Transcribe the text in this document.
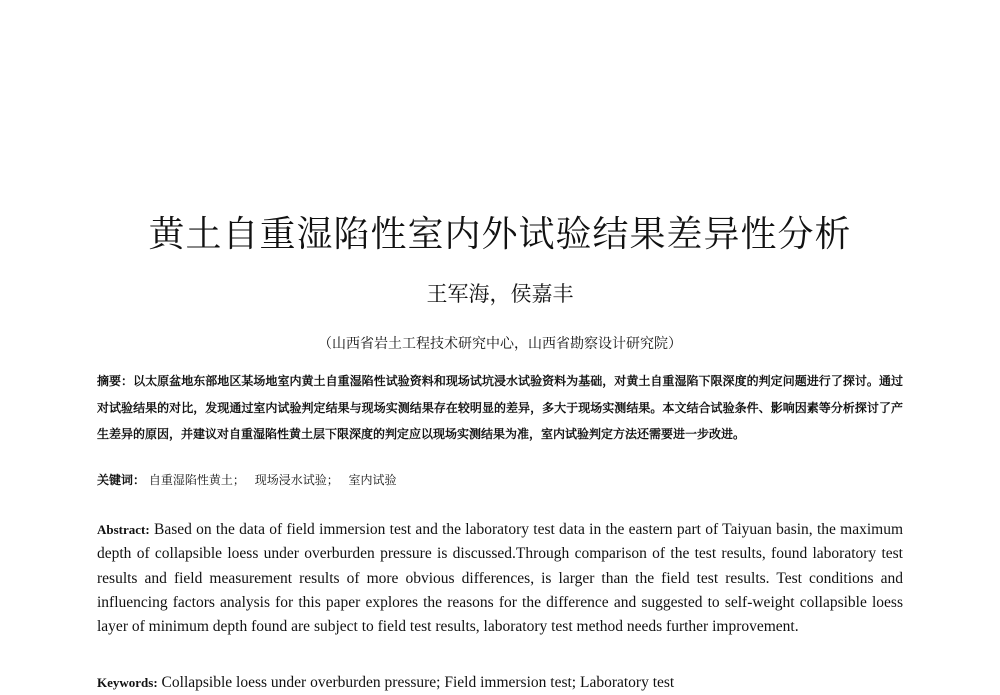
黄土自重湿陷性室内外试验结果差异性分析
王军海，侯嘉丰
（山西省岩土工程技术研究中心，山西省勘察设计研究院）
摘要：以太原盆地东部地区某场地室内黄土自重湿陷性试验资料和现场试坑浸水试验资料为基础，对黄土自重湿陷下限深度的判定问题进行了探讨。通过对试验结果的对比，发现通过室内试验判定结果与现场实测结果存在较明显的差异，多大于现场实测结果。本文结合试验条件、影响因素等分析探讨了产生差异的原因，并建议对自重湿陷性黄土层下限深度的判定应以现场实测结果为准，室内试验判定方法还需要进一步改进。
关键词： 自重湿陷性黄土； 现场浸水试验； 室内试验
Abstract: Based on the data of field immersion test and the laboratory test data in the eastern part of Taiyuan basin, the maximum depth of collapsible loess under overburden pressure is discussed.Through comparison of the test results, found laboratory test results and field measurement results of more obvious differences, is larger than the field test results. Test conditions and influencing factors analysis for this paper explores the reasons for the difference and suggested to self-weight collapsible loess layer of minimum depth found are subject to field test results, laboratory test method needs further improvement.
Keywords: Collapsible loess under overburden pressure; Field immersion test; Laboratory test
